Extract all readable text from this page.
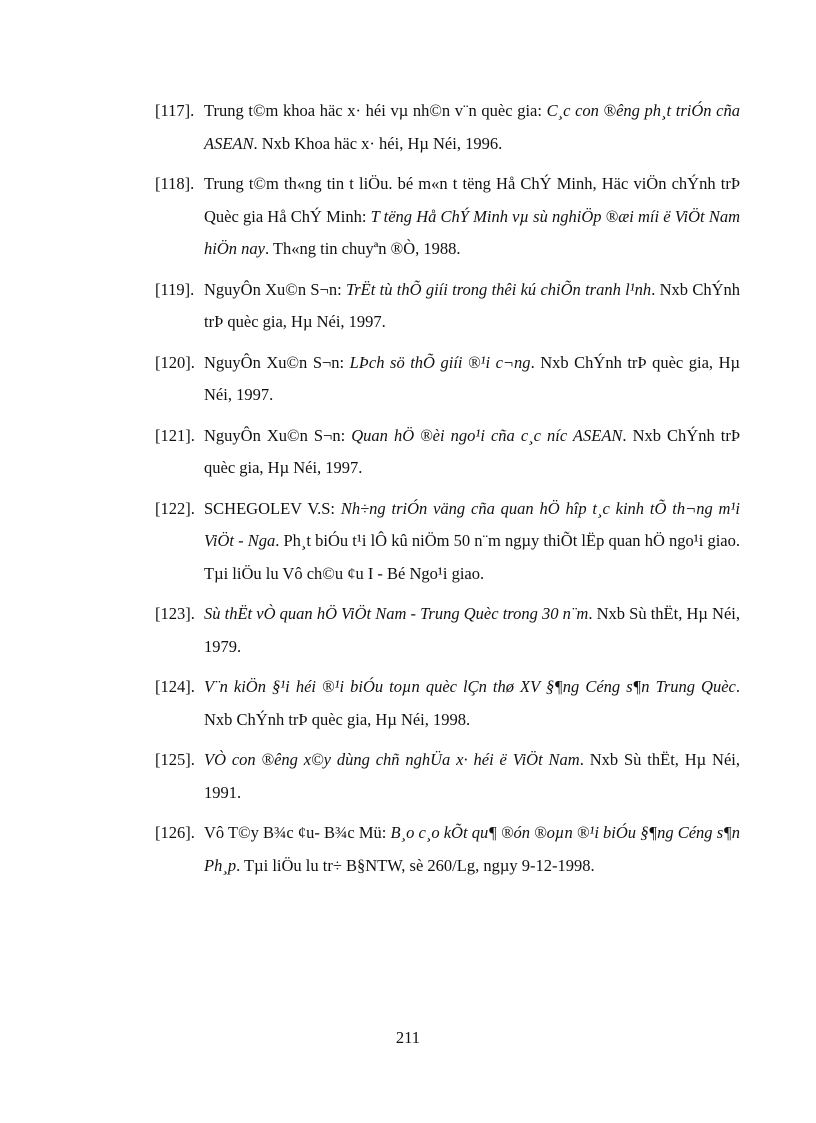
[117]. Trung t©m khoa häc x· héi vµ nh©n v¨n quèc gia: C¸c con ®êng ph¸t triÓn cña ASEAN. Nxb Khoa häc x· héi, Hµ Néi, 1996.
[118]. Trung t©m th«ng tin t liÖu. bé m«n t tëng Hå ChÝ Minh, Häc viÖn chÝnh trÞ Quèc gia Hå ChÝ Minh: T tëng Hå ChÝ Minh vµ sù nghiÖp ®æi míi ë ViÖt Nam hiÖn nay. Th«ng tin chuyªn ®Ò, 1988.
[119]. NguyÔn Xu©n S¬n: TrËt tù thÕ giíi trong thêi kú chiÕn tranh l¹nh. Nxb ChÝnh trÞ quèc gia, Hµ Néi, 1997.
[120]. NguyÔn Xu©n S¬n: LÞch sö thÕ giíi ®¹i c¬ng. Nxb ChÝnh trÞ quèc gia, Hµ Néi, 1997.
[121]. NguyÔn Xu©n S¬n: Quan hÖ ®èi ngo¹i cña c¸c níc ASEAN. Nxb ChÝnh trÞ quèc gia, Hµ Néi, 1997.
[122]. SCHEGOLEV V.S: Nh÷ng triÓn väng cña quan hÖ hîp t¸c kinh tÕ th¬ng m¹i ViÖt - Nga. Ph¸t biÓu t¹i lÔ kû niÖm 50 n¨m ngµy thiÕt lËp quan hÖ ngo¹i giao. Tµi liÖu lu Vô ch©u ¢u I - Bé Ngo¹i giao.
[123]. Sù thËt vÒ quan hÖ ViÖt Nam - Trung Quèc trong 30 n¨m. Nxb Sù thËt, Hµ Néi, 1979.
[124]. V¨n kiÖn §¹i héi ®¹i biÓu toµn quèc lÇn thø XV §¶ng Céng s¶n Trung Quèc. Nxb ChÝnh trÞ quèc gia, Hµ Néi, 1998.
[125]. VÒ con ®êng x©y dùng chñ nghÜa x· héi ë ViÖt Nam. Nxb Sù thËt, Hµ Néi, 1991.
[126]. Vô T©y B¾c ¢u- B¾c Mü: B¸o c¸o kÕt qu¶ ®ón ®oµn ®¹i biÓu §¶ng Céng s¶n Ph¸p. Tµi liÖu lu tr÷ B§NTW, sè 260/Lg, ngµy 9-12-1998.
211
